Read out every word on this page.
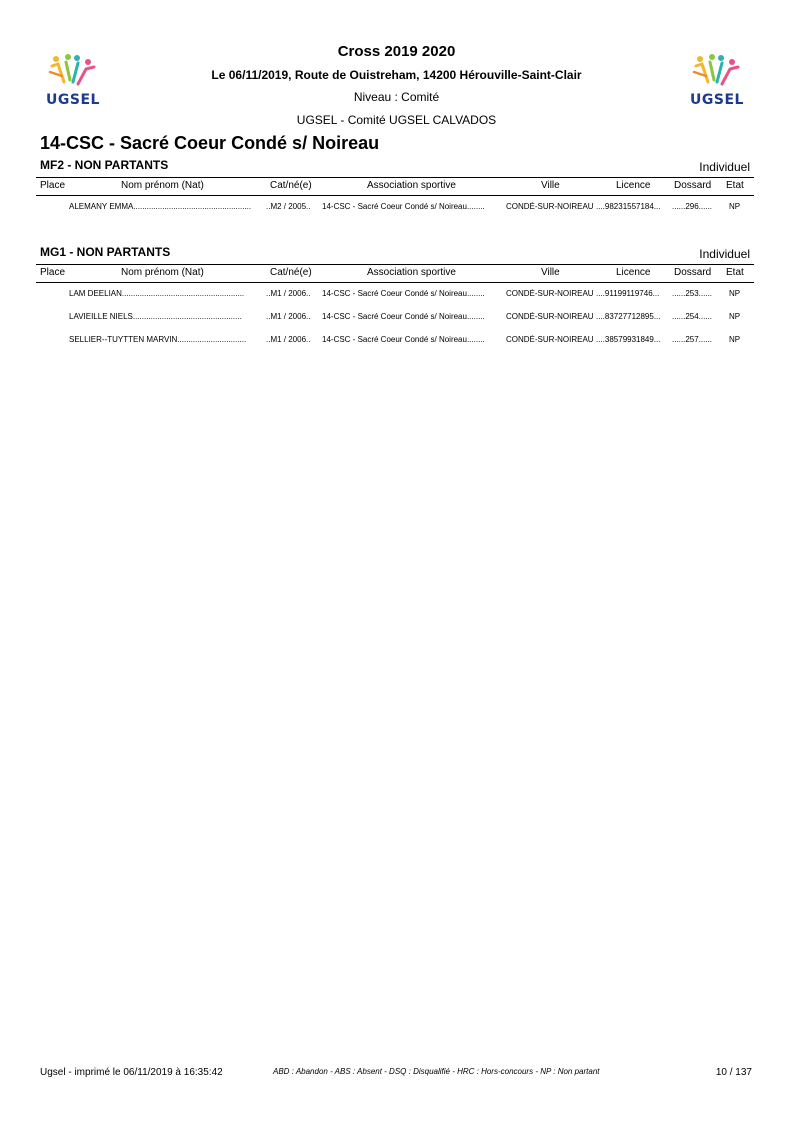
UGSEL	UGSEL
Cross 2019 2020
Le 06/11/2019, Route de Ouistreham, 14200 Hérouville-Saint-Clair
Niveau : Comité
UGSEL - Comité UGSEL CALVADOS
14-CSC - Sacré Coeur Condé s/ Noireau
MF2 - NON PARTANTS	Individuel
Place	Nom prénom (Nat)	Cat/né(e)	Association sportive	Ville	Licence Dossard Etat
ALEMANY EMMA.....................................................	..M2 / 2005..	14-CSC - Sacré Coeur Condé s/ Noireau........	CONDÉ-SUR-NOIREAU ....98231557184...	......296......	NP
MG1 - NON PARTANTS	Individuel
Place	Nom prénom (Nat)	Cat/né(e)	Association sportive	Ville	Licence Dossard Etat
LAM DEELIAN.......................................................	..M1 / 2006..	14-CSC - Sacré Coeur Condé s/ Noireau........	CONDÉ-SUR-NOIREAU ....91199119746...	......253......	NP
LAVIEILLE NIELS.................................................	..M1 / 2006..	14-CSC - Sacré Coeur Condé s/ Noireau........	CONDÉ-SUR-NOIREAU ....83727712895...	......254......	NP
SELLIER--TUYTTEN MARVIN...............................	..M1 / 2006..	14-CSC - Sacré Coeur Condé s/ Noireau........	CONDÉ-SUR-NOIREAU ....38579931849...	......257......	NP
Ugsel - imprimé le 06/11/2019 à 16:35:42	ABD : Abandon - ABS : Absent - DSQ : Disqualifié - HRC : Hors-concours - NP : Non partant	10 / 137
